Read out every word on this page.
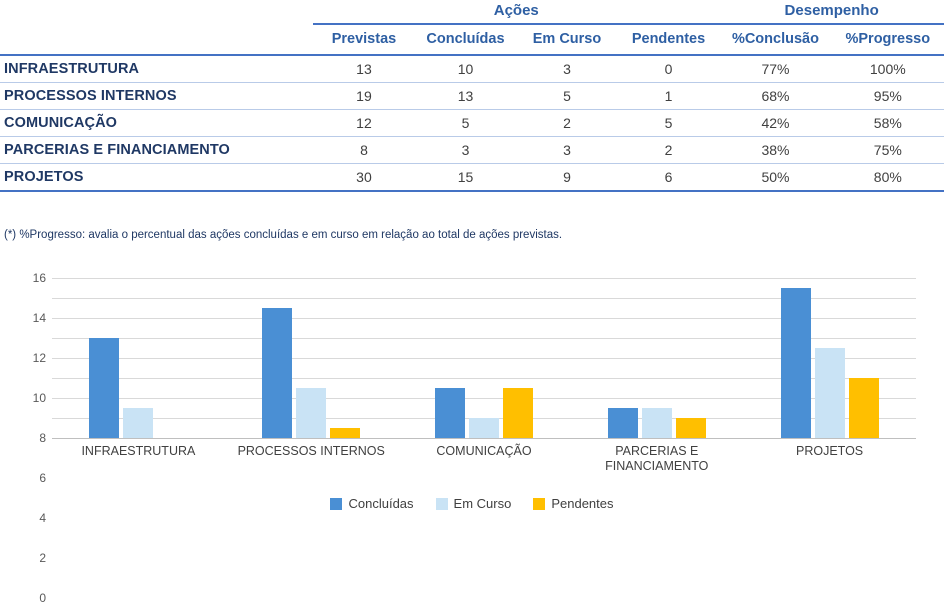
	Ações				Desempenho	
	Previstas	Concluídas	Em Curso	Pendentes	%Conclusão	%Progresso
INFRAESTRUTURA	13	10	3	0	77%	100%
PROCESSOS INTERNOS	19	13	5	1	68%	95%
COMUNICAÇÃO	12	5	2	5	42%	58%
PARCERIAS E FINANCIAMENTO	8	3	3	2	38%	75%
PROJETOS	30	15	9	6	50%	80%
(*) %Progresso: avalia o percentual das ações concluídas e em curso em relação ao total de ações previstas.
0
2
4
6
8
10
12
14
16
INFRAESTRUTURA	PROCESSOS INTERNOS	COMUNICAÇÃO	PARCERIAS E
FINANCIAMENTO
PROJETOS
Concluídas	Em Curso	Pendentes
